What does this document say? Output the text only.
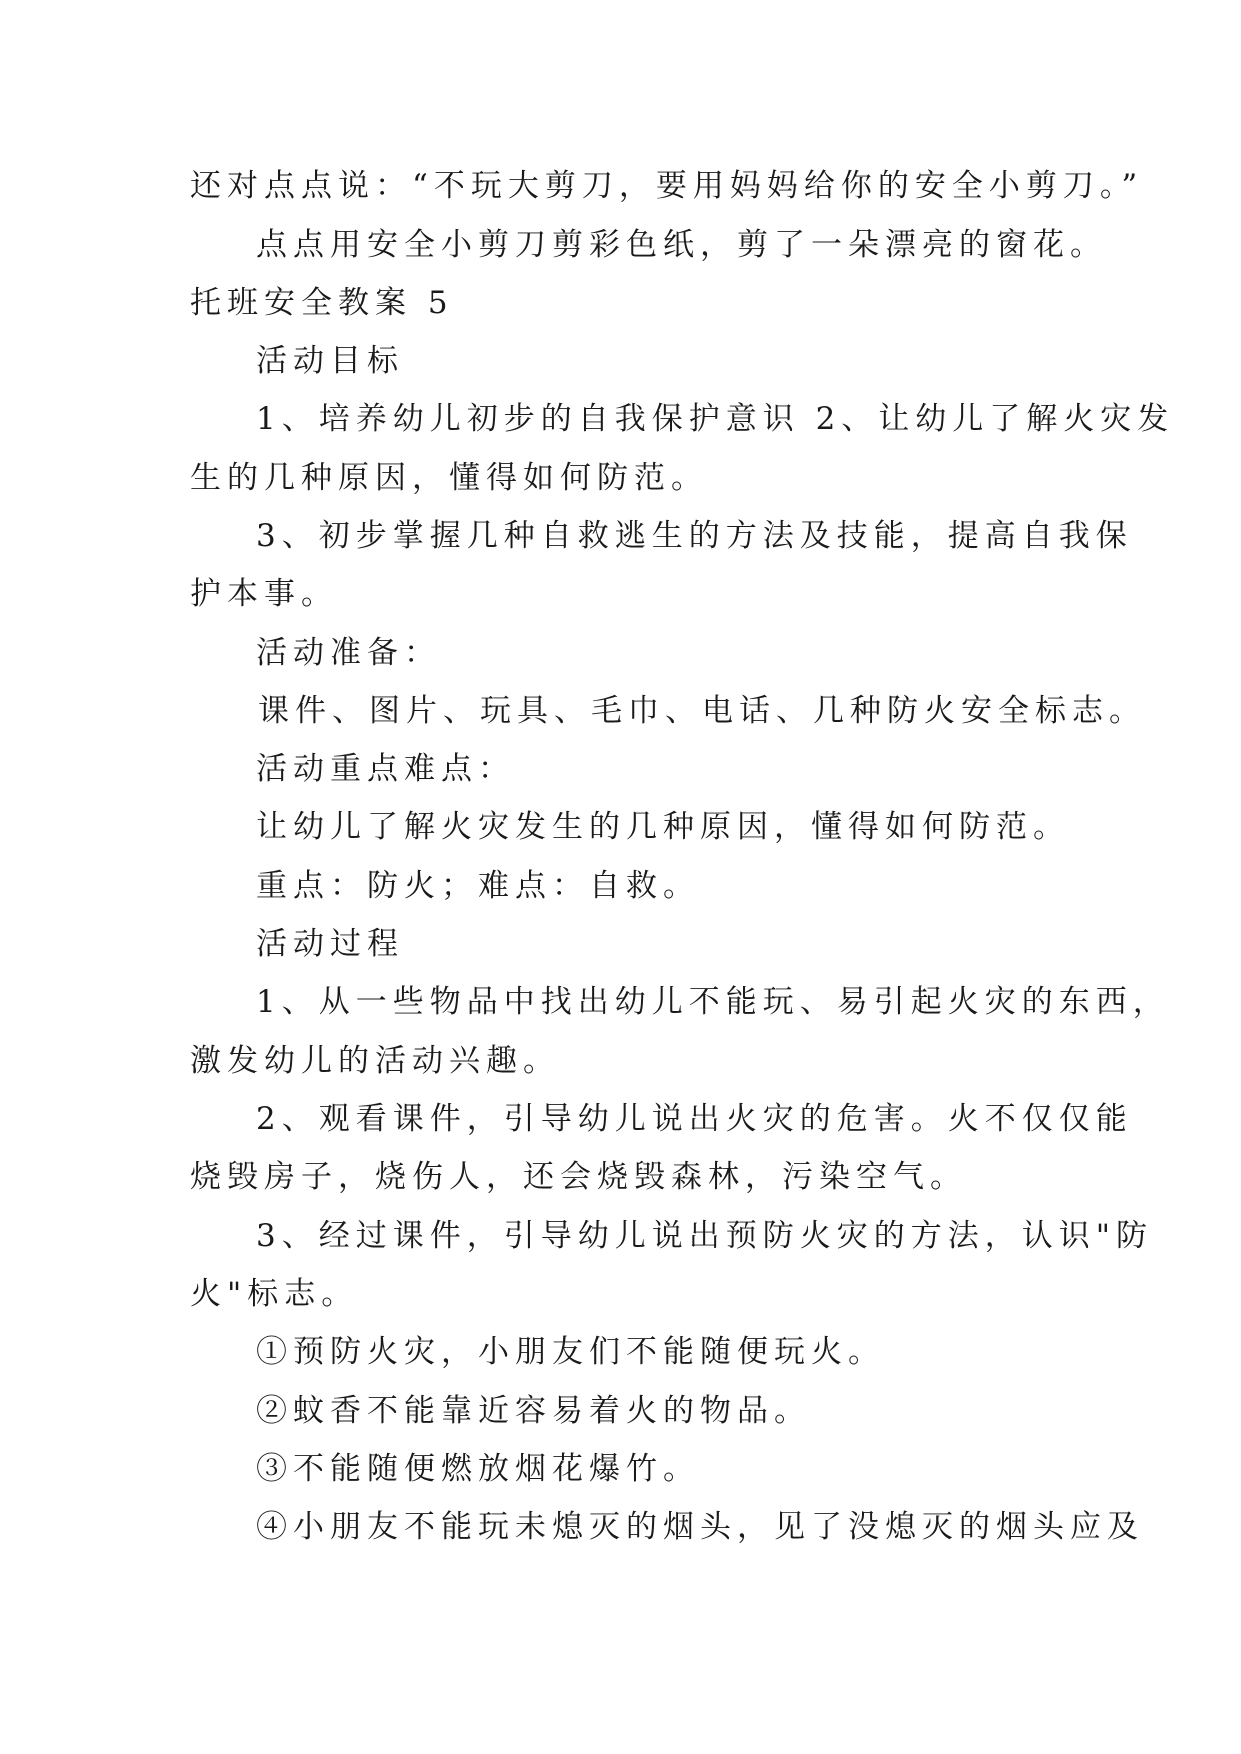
还对点点说：“不玩大剪刀，要用妈妈给你的安全小剪刀。”
点点用安全小剪刀剪彩色纸，剪了一朵漂亮的窗花。
托班安全教案 5
活动目标
1、培养幼儿初步的自我保护意识 2、让幼儿了解火灾发
生的几种原因，懂得如何防范。
3、初步掌握几种自救逃生的方法及技能，提高自我保
护本事。
活动准备：
课件、图片、玩具、毛巾、电话、几种防火安全标志。
活动重点难点：
让幼儿了解火灾发生的几种原因，懂得如何防范。
重点：防火；难点：自救。
活动过程
1、从一些物品中找出幼儿不能玩、易引起火灾的东西，
激发幼儿的活动兴趣。
2、观看课件，引导幼儿说出火灾的危害。火不仅仅能
烧毁房子，烧伤人，还会烧毁森林，污染空气。
3、经过课件，引导幼儿说出预防火灾的方法，认识"防
火"标志。
①预防火灾，小朋友们不能随便玩火。
②蚊香不能靠近容易着火的物品。
③不能随便燃放烟花爆竹。
④小朋友不能玩未熄灭的烟头，见了没熄灭的烟头应及
